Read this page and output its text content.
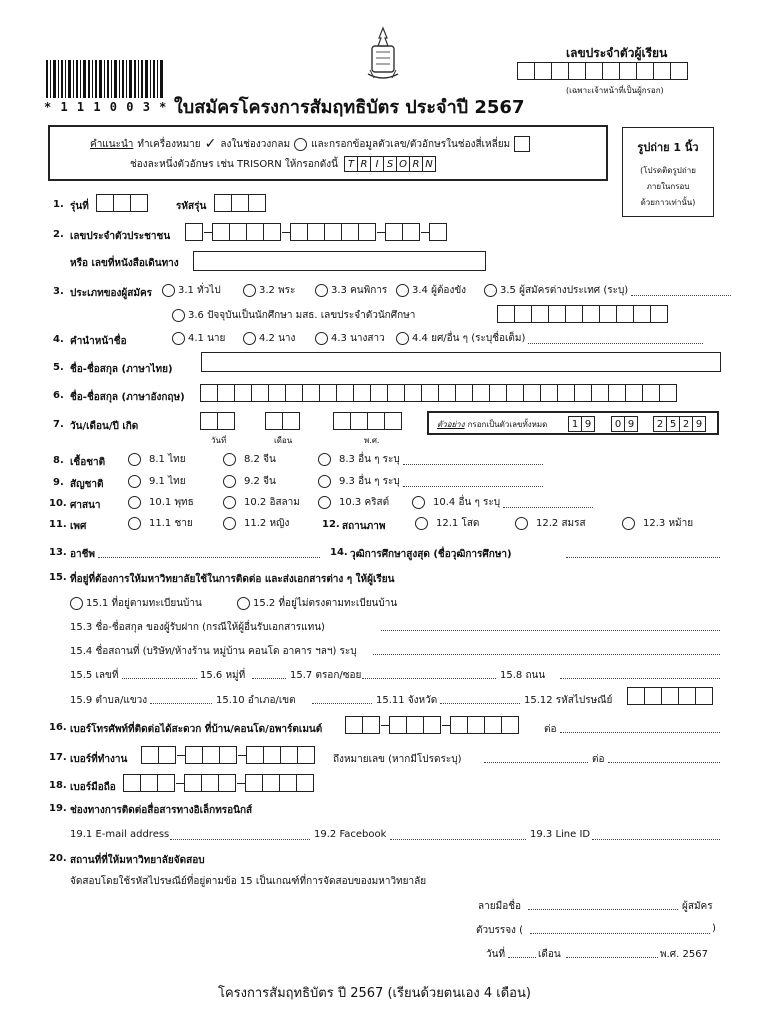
* 1 1 1 0 0 3 * ใบสมัครโครงการสัมฤทธิบัตร ประจำปี 2567
เลขประจำตัวผู้เรียน
(เฉพาะเจ้าหน้าที่เป็นผู้กรอก)
คำแนะนำ ทำเครื่องหมาย ✓ ลงในช่องวงกลม และกรอกข้อมูลตัวเลข/ตัวอักษรในช่องสี่เหลี่ยม
ช่องละหนึ่งตัวอักษร เช่น TRISORN ให้กรอกดังนี้ T R I S O R N
รูปถ่าย 1 นิ้ว
(โปรดติดรูปถ่าย
ภายในกรอบ
ด้วยกาวเท่านั้น)
1. รุ่นที่	รหัสรุ่น
2. เลขประจำตัวประชาชน
หรือ เลขที่หนังสือเดินทาง
3. ประเภทของผู้สมัคร	3.1 ทั่วไป	3.2 พระ	3.3 คนพิการ 3.4 ผู้ต้องขัง	3.5 ผู้สมัครต่างประเทศ (ระบุ)
3.6 ปัจจุบันเป็นนักศึกษา มสธ. เลขประจำตัวนักศึกษา
4. คำนำหน้าชื่อ	4.1 นาย	4.2 นาง	4.3 นางสาว	4.4 ยศ/อื่น ๆ (ระบุชื่อเต็ม)
5. ชื่อ-ชื่อสกุล (ภาษาไทย)
6. ชื่อ-ชื่อสกุล (ภาษาอังกฤษ)
7. วัน/เดือน/ปี เกิด
วันที่	เดือน	พ.ศ.
ตัวอย่าง กรอกเป็นตัวเลขทั้งหมด	1 9	0 9	2 5 2 9
8. เชื้อชาติ	8.1 ไทย	8.2 จีน	8.3 อื่น ๆ ระบุ
9. สัญชาติ	9.1 ไทย	9.2 จีน	9.3 อื่น ๆ ระบุ
10. ศาสนา	10.1 พุทธ	10.2 อิสลาม	10.3 คริสต์	10.4 อื่น ๆ ระบุ
11. เพศ	11.1 ชาย	11.2 หญิง	12. สถานภาพ	12.1 โสด	12.2 สมรส	12.3 หม้าย
13. อาชีพ	14. วุฒิการศึกษาสูงสุด (ชื่อวุฒิการศึกษา)
15. ที่อยู่ที่ต้องการให้มหาวิทยาลัยใช้ในการติดต่อ และส่งเอกสารต่าง ๆ ให้ผู้เรียน
15.1 ที่อยู่ตามทะเบียนบ้าน	15.2 ที่อยู่ไม่ตรงตามทะเบียนบ้าน
15.3 ชื่อ-ชื่อสกุล ของผู้รับฝาก (กรณีให้ผู้อื่นรับเอกสารแทน)
15.4 ชื่อสถานที่ (บริษัท/ห้างร้าน หมู่บ้าน คอนโด อาคาร ฯลฯ) ระบุ
15.5 เลขที่	15.6 หมู่ที่	15.7 ตรอก/ซอย	15.8 ถนน
15.9 ตำบล/แขวง	15.10 อำเภอ/เขต	15.11 จังหวัด	15.12 รหัสไปรษณีย์
16. เบอร์โทรศัพท์ที่ติดต่อได้สะดวก ที่บ้าน/คอนโด/อพาร์ตเมนต์	ต่อ
17. เบอร์ที่ทำงาน	ถึงหมายเลข (หากมีโปรดระบุ)	ต่อ
18. เบอร์มือถือ
19. ช่องทางการติดต่อสื่อสารทางอิเล็กทรอนิกส์
19.1 E-mail address	19.2 Facebook	19.3 Line ID
20. สถานที่ที่ให้มหาวิทยาลัยจัดสอบ
จัดสอบโดยใช้รหัสไปรษณีย์ที่อยู่ตามข้อ 15 เป็นเกณฑ์ที่การจัดสอบของมหาวิทยาลัย
ลายมือชื่อ	ผู้สมัคร
ตัวบรรจง (	)
วันที่	เดือน	พ.ศ. 2567
โครงการสัมฤทธิบัตร ปี 2567 (เรียนด้วยตนเอง 4 เดือน)
